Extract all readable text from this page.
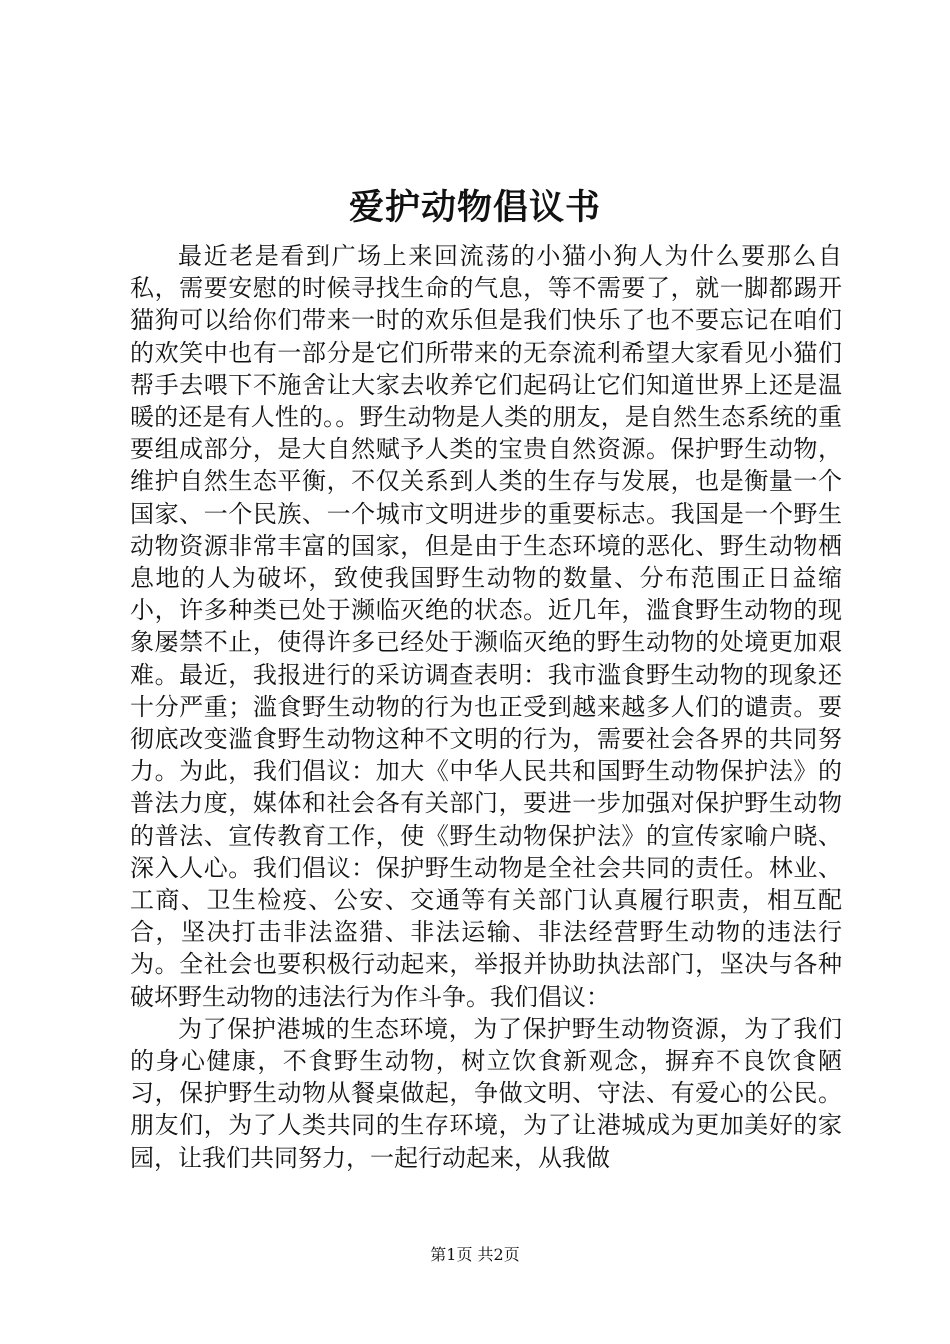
爱护动物倡议书

最近老是看到广场上来回流荡的小猫小狗人为什么要那么自私，需要安慰的时候寻找生命的气息，等不需要了，就一脚都踢开猫狗可以给你们带来一时的欢乐但是我们快乐了也不要忘记在咱们的欢笑中也有一部分是它们所带来的无奈流利希望大家看见小猫们帮手去喂下不施舍让大家去收养它们起码让它们知道世界上还是温暖的还是有人性的。。野生动物是人类的朋友，是自然生态系统的重要组成部分，是大自然赋予人类的宝贵自然资源。保护野生动物，维护自然生态平衡，不仅关系到人类的生存与发展，也是衡量一个国家、一个民族、一个城市文明进步的重要标志。我国是一个野生动物资源非常丰富的国家，但是由于生态环境的恶化、野生动物栖息地的人为破坏，致使我国野生动物的数量、分布范围正日益缩小，许多种类已处于濒临灭绝的状态。近几年，滥食野生动物的现象屡禁不止，使得许多已经处于濒临灭绝的野生动物的处境更加艰难。最近，我报进行的采访调查表明：我市滥食野生动物的现象还十分严重；滥食野生动物的行为也正受到越来越多人们的谴责。要彻底改变滥食野生动物这种不文明的行为，需要社会各界的共同努力。为此，我们倡议：加大《中华人民共和国野生动物保护法》的普法力度，媒体和社会各有关部门，要进一步加强对保护野生动物的普法、宣传教育工作，使《野生动物保护法》的宣传家喻户晓、深入人心。我们倡议：保护野生动物是全社会共同的责任。林业、工商、卫生检疫、公安、交通等有关部门认真履行职责，相互配合，坚决打击非法盗猎、非法运输、非法经营野生动物的违法行为。全社会也要积极行动起来，举报并协助执法部门，坚决与各种破坏野生动物的违法行为作斗争。我们倡议：

为了保护港城的生态环境，为了保护野生动物资源，为了我们的身心健康，不食野生动物，树立饮食新观念，摒弃不良饮食陋习，保护野生动物从餐桌做起，争做文明、守法、有爱心的公民。朋友们，为了人类共同的生存环境，为了让港城成为更加美好的家园，让我们共同努力，一起行动起来，从我做

第1页 共2页
